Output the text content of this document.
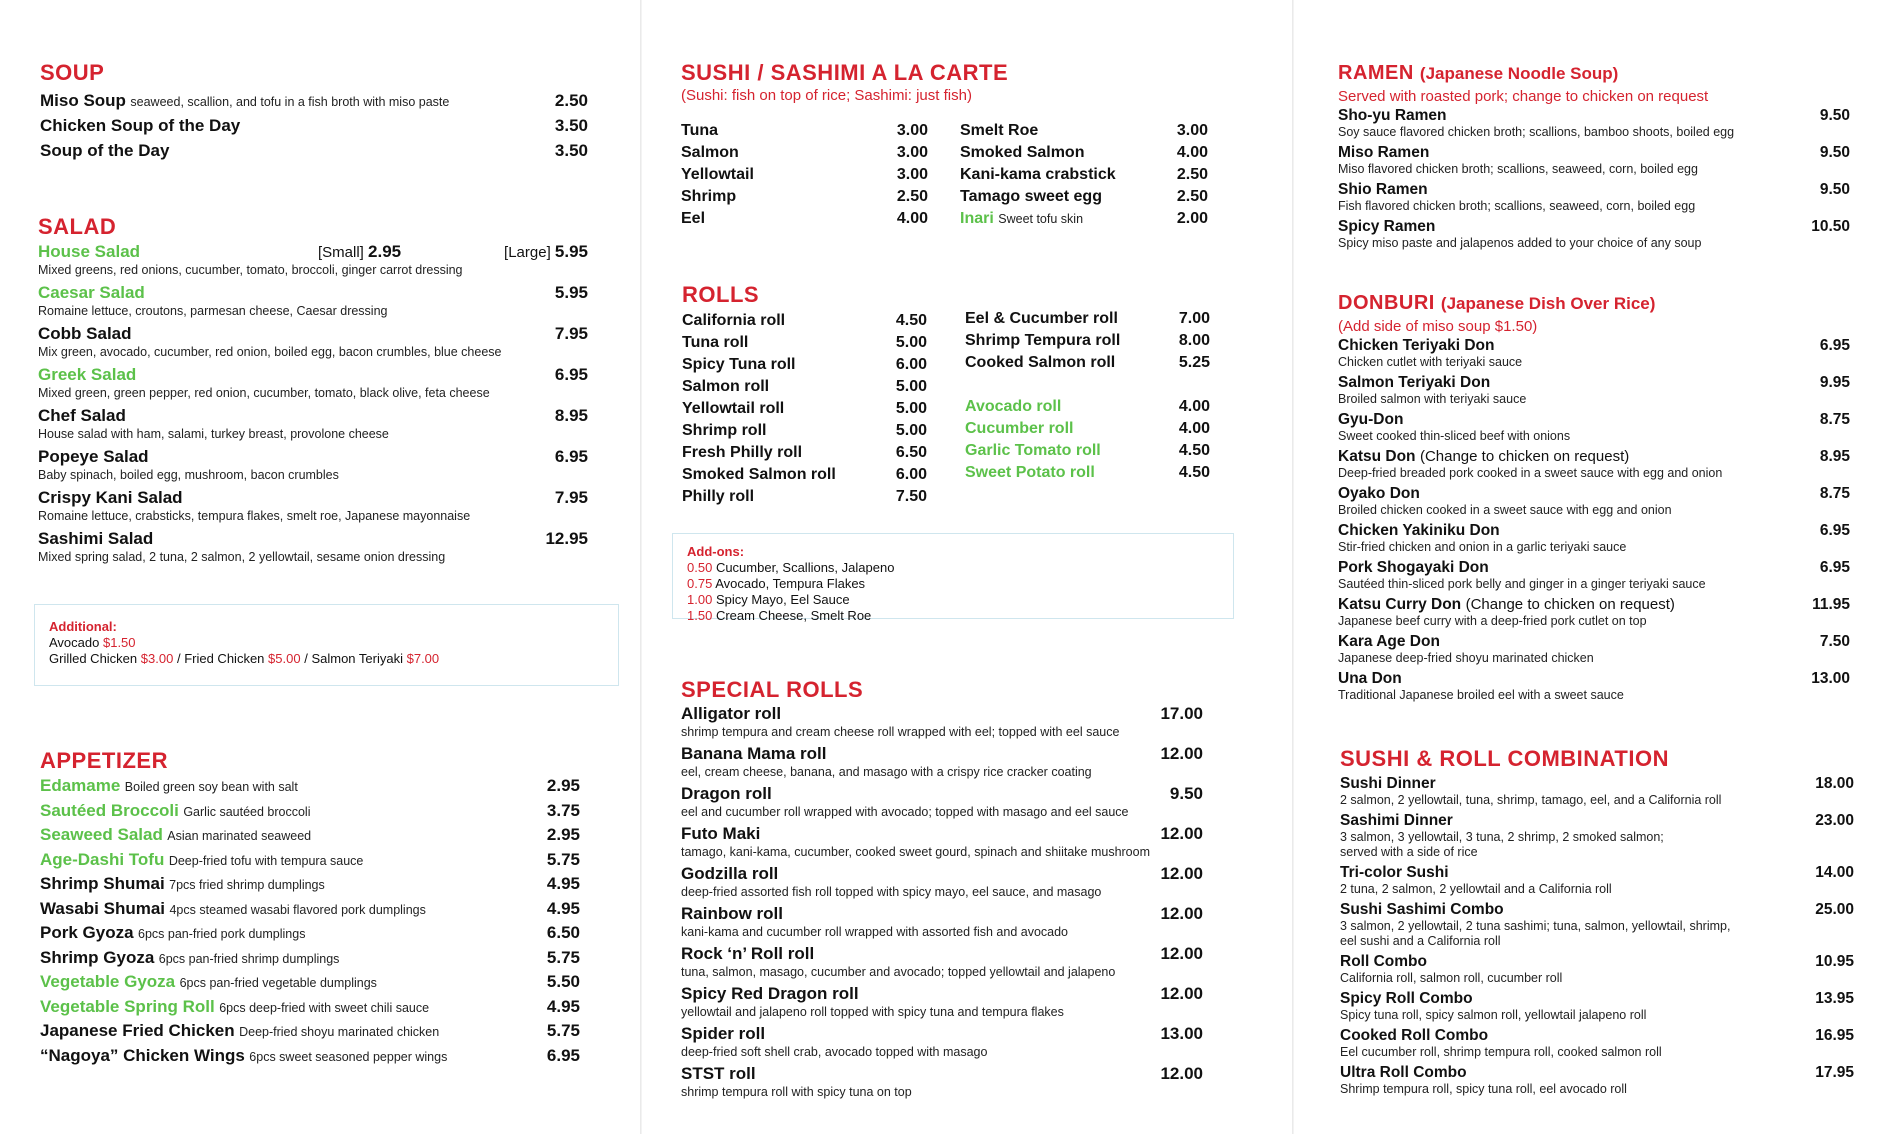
SOUP
Miso Soup seaweed, scallion, and tofu in a fish broth with miso paste	2.50
Chicken Soup of the Day	3.50
Soup of the Day	3.50
SALAD
House Salad	[Small] 2.95	[Large] 5.95
Mixed greens, red onions, cucumber, tomato, broccoli, ginger carrot dressing
Caesar Salad	5.95
Romaine lettuce, croutons, parmesan cheese, Caesar dressing
Cobb Salad	7.95
Mix green, avocado, cucumber, red onion, boiled egg, bacon crumbles, blue cheese
Greek Salad	6.95
Mixed green, green pepper, red onion, cucumber, tomato, black olive, feta cheese
Chef Salad	8.95
House salad with ham, salami, turkey breast, provolone cheese
Popeye Salad	6.95
Baby spinach, boiled egg, mushroom, bacon crumbles
Crispy Kani Salad	7.95
Romaine lettuce, crabsticks, tempura flakes, smelt roe, Japanese mayonnaise
Sashimi Salad	12.95
Mixed spring salad, 2 tuna, 2 salmon, 2 yellowtail, sesame onion dressing
Additional:
Avocado $1.50
Grilled Chicken $3.00 / Fried Chicken $5.00 / Salmon Teriyaki $7.00
APPETIZER
Edamame Boiled green soy bean with salt	2.95
Sautéed Broccoli Garlic sautéed broccoli	3.75
Seaweed Salad Asian marinated seaweed	2.95
Age-Dashi Tofu Deep-fried tofu with tempura sauce	5.75
Shrimp Shumai 7pcs fried shrimp dumplings	4.95
Wasabi Shumai 4pcs steamed wasabi flavored pork dumplings	4.95
Pork Gyoza 6pcs pan-fried pork dumplings	6.50
Shrimp Gyoza 6pcs pan-fried shrimp dumplings	5.75
Vegetable Gyoza 6pcs pan-fried vegetable dumplings	5.50
Vegetable Spring Roll 6pcs deep-fried with sweet chili sauce	4.95
Japanese Fried Chicken Deep-fried shoyu marinated chicken	5.75
“Nagoya” Chicken Wings 6pcs sweet seasoned pepper wings	6.95
SUSHI / SASHIMI A LA CARTE
(Sushi: fish on top of rice; Sashimi: just fish)
Tuna	3.00
Salmon	3.00
Yellowtail	3.00
Shrimp	2.50
Eel	4.00
Smelt Roe	3.00
Smoked Salmon	4.00
Kani-kama crabstick	2.50
Tamago sweet egg	2.50
Inari Sweet tofu skin	2.00
ROLLS
California roll	4.50
Tuna roll	5.00
Spicy Tuna roll	6.00
Salmon roll	5.00
Yellowtail roll	5.00
Shrimp roll	5.00
Fresh Philly roll	6.50
Smoked Salmon roll	6.00
Philly roll	7.50
Eel & Cucumber roll	7.00
Shrimp Tempura roll	8.00
Cooked Salmon roll	5.25
Avocado roll	4.00
Cucumber roll	4.00
Garlic Tomato roll	4.50
Sweet Potato roll	4.50
Add-ons:
0.50 Cucumber, Scallions, Jalapeno
0.75 Avocado, Tempura Flakes
1.00 Spicy Mayo, Eel Sauce
1.50 Cream Cheese, Smelt Roe
SPECIAL ROLLS
Alligator roll	17.00
shrimp tempura and cream cheese roll wrapped with eel; topped with eel sauce
Banana Mama roll	12.00
eel, cream cheese, banana, and masago with a crispy rice cracker coating
Dragon roll	9.50
eel and cucumber roll wrapped with avocado; topped with masago and eel sauce
Futo Maki	12.00
tamago, kani-kama, cucumber, cooked sweet gourd, spinach and shiitake mushroom
Godzilla roll	12.00
deep-fried assorted fish roll topped with spicy mayo, eel sauce, and masago
Rainbow roll	12.00
kani-kama and cucumber roll wrapped with assorted fish and avocado
Rock ‘n’ Roll roll	12.00
tuna, salmon, masago, cucumber and avocado; topped yellowtail and jalapeno
Spicy Red Dragon roll	12.00
yellowtail and jalapeno roll topped with spicy tuna and tempura flakes
Spider roll	13.00
deep-fried soft shell crab, avocado topped with masago
STST roll	12.00
shrimp tempura roll with spicy tuna on top
RAMEN (Japanese Noodle Soup)
Served with roasted pork; change to chicken on request
Sho-yu Ramen	9.50
Soy sauce flavored chicken broth; scallions, bamboo shoots, boiled egg
Miso Ramen	9.50
Miso flavored chicken broth; scallions, seaweed, corn, boiled egg
Shio Ramen	9.50
Fish flavored chicken broth; scallions, seaweed, corn, boiled egg
Spicy Ramen	10.50
Spicy miso paste and jalapenos added to your choice of any soup
DONBURI (Japanese Dish Over Rice)
(Add side of miso soup $1.50)
Chicken Teriyaki Don	6.95
Chicken cutlet with teriyaki sauce
Salmon Teriyaki Don	9.95
Broiled salmon with teriyaki sauce
Gyu-Don	8.75
Sweet cooked thin-sliced beef with onions
Katsu Don (Change to chicken on request)	8.95
Deep-fried breaded pork cooked in a sweet sauce with egg and onion
Oyako Don	8.75
Broiled chicken cooked in a sweet sauce with egg and onion
Chicken Yakiniku Don	6.95
Stir-fried chicken and onion in a garlic teriyaki sauce
Pork Shogayaki Don	6.95
Sautéed thin-sliced pork belly and ginger in a ginger teriyaki sauce
Katsu Curry Don (Change to chicken on request)	11.95
Japanese beef curry with a deep-fried pork cutlet on top
Kara Age Don	7.50
Japanese deep-fried shoyu marinated chicken
Una Don	13.00
Traditional Japanese broiled eel with a sweet sauce
SUSHI & ROLL COMBINATION
Sushi Dinner	18.00
2 salmon, 2 yellowtail, tuna, shrimp, tamago, eel, and a California roll
Sashimi Dinner	23.00
3 salmon, 3 yellowtail, 3 tuna, 2 shrimp, 2 smoked salmon;
served with a side of rice
Tri-color Sushi	14.00
2 tuna, 2 salmon, 2 yellowtail and a California roll
Sushi Sashimi Combo	25.00
3 salmon, 2 yellowtail, 2 tuna sashimi; tuna, salmon, yellowtail, shrimp,
eel sushi and a California roll
Roll Combo	10.95
California roll, salmon roll, cucumber roll
Spicy Roll Combo	13.95
Spicy tuna roll, spicy salmon roll, yellowtail jalapeno roll
Cooked Roll Combo	16.95
Eel cucumber roll, shrimp tempura roll, cooked salmon roll
Ultra Roll Combo	17.95
Shrimp tempura roll, spicy tuna roll, eel avocado roll
